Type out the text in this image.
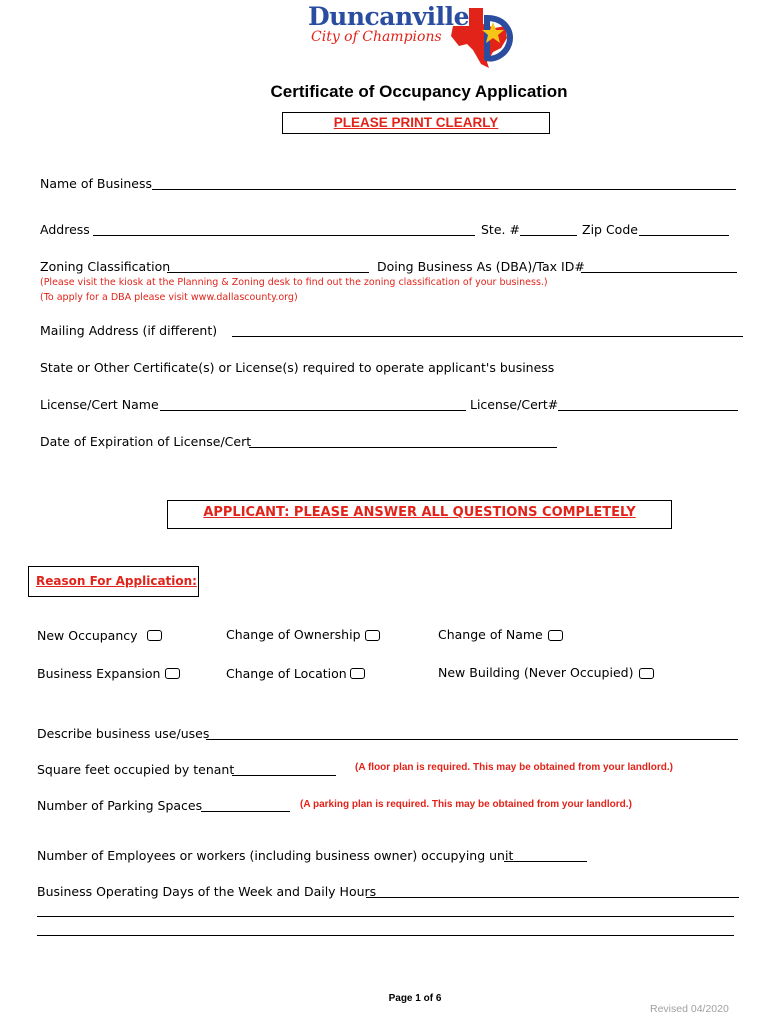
Duncanville
City of Champions
Certificate of Occupancy Application
PLEASE PRINT CLEARLY
Name of Business
Address	Ste. #	Zip Code
Zoning Classification	Doing Business As (DBA)/Tax ID#
(Please visit the kiosk at the Planning & Zoning desk to find out the zoning classification of your business.)
(To apply for a DBA please visit www.dallascounty.org)
Mailing Address (if different)
State or Other Certificate(s) or License(s) required to operate applicant's business
License/Cert Name	License/Cert#
Date of Expiration of License/Cert
APPLICANT: PLEASE ANSWER ALL QUESTIONS COMPLETELY
Reason For Application:
New Occupancy	Change of Ownership	Change of Name
Business Expansion	Change of Location	New Building (Never Occupied)
Describe business use/uses
Square feet occupied by tenant	(A floor plan is required. This may be obtained from your landlord.)
Number of Parking Spaces	(A parking plan is required. This may be obtained from your landlord.)
Number of Employees or workers (including business owner) occupying unit
Business Operating Days of the Week and Daily Hours
Page 1 of 6
Revised 04/2020
